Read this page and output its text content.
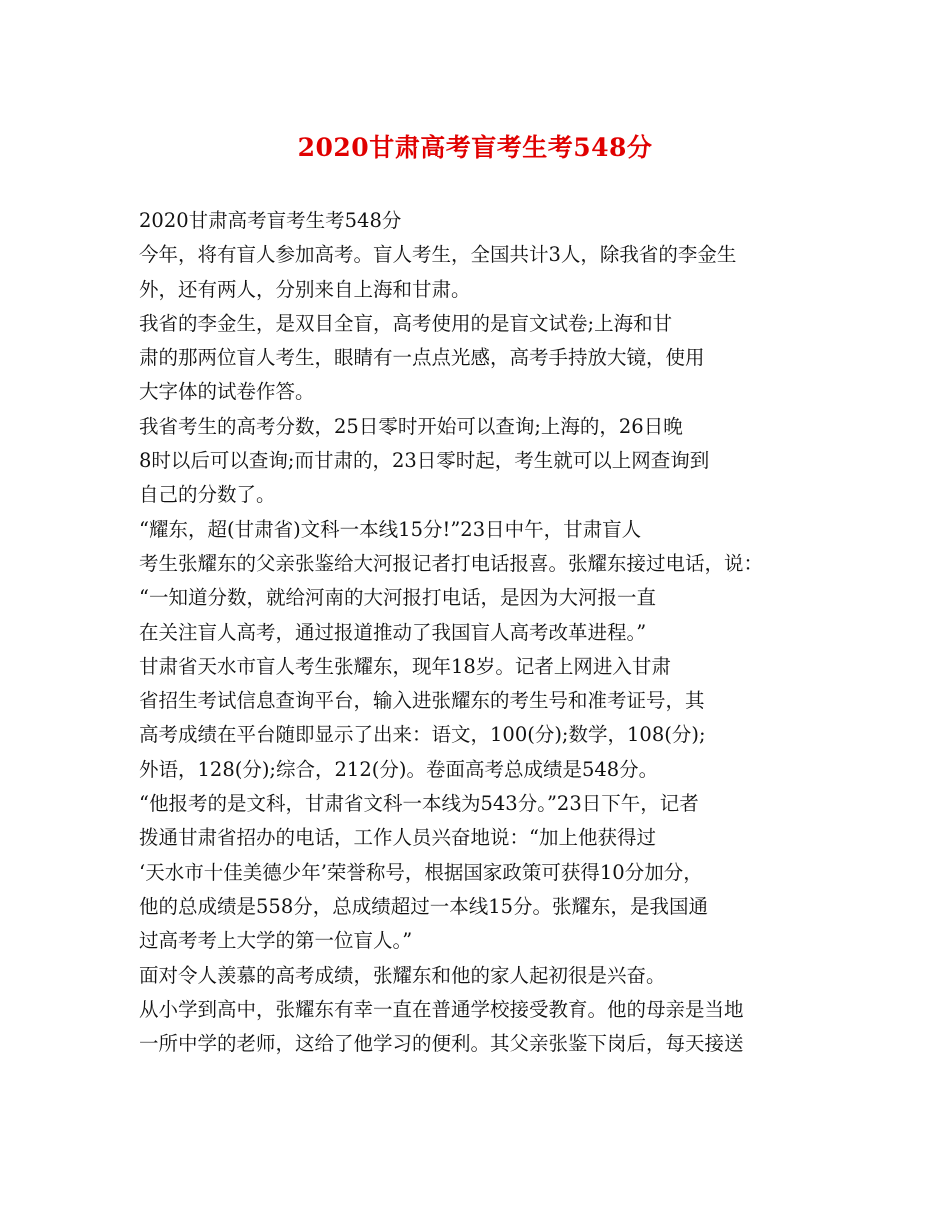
2020甘肃高考盲考生考548分
2020甘肃高考盲考生考548分
今年，将有盲人参加高考。盲人考生，全国共计3人，除我省的李金生
外，还有两人，分别来自上海和甘肃。
我省的李金生，是双目全盲，高考使用的是盲文试卷;上海和甘
肃的那两位盲人考生，眼睛有一点点光感，高考手持放大镜，使用
大字体的试卷作答。
我省考生的高考分数，25日零时开始可以查询;上海的，26日晚
8时以后可以查询;而甘肃的，23日零时起，考生就可以上网查询到
自己的分数了。
“耀东，超(甘肃省)文科一本线15分!”23日中午，甘肃盲人
考生张耀东的父亲张鉴给大河报记者打电话报喜。张耀东接过电话，说：
“一知道分数，就给河南的大河报打电话，是因为大河报一直
在关注盲人高考，通过报道推动了我国盲人高考改革进程。”
甘肃省天水市盲人考生张耀东，现年18岁。记者上网进入甘肃
省招生考试信息查询平台，输入进张耀东的考生号和准考证号，其
高考成绩在平台随即显示了出来：语文，100(分);数学，108(分);
外语，128(分);综合，212(分)。卷面高考总成绩是548分。
“他报考的是文科，甘肃省文科一本线为543分。”23日下午，记者
拨通甘肃省招办的电话，工作人员兴奋地说：“加上他获得过
‘天水市十佳美德少年’荣誉称号，根据国家政策可获得10分加分，
他的总成绩是558分，总成绩超过一本线15分。张耀东，是我国通
过高考考上大学的第一位盲人。”
面对令人羡慕的高考成绩，张耀东和他的家人起初很是兴奋。
从小学到高中，张耀东有幸一直在普通学校接受教育。他的母亲是当地
一所中学的老师，这给了他学习的便利。其父亲张鉴下岗后，每天接送
